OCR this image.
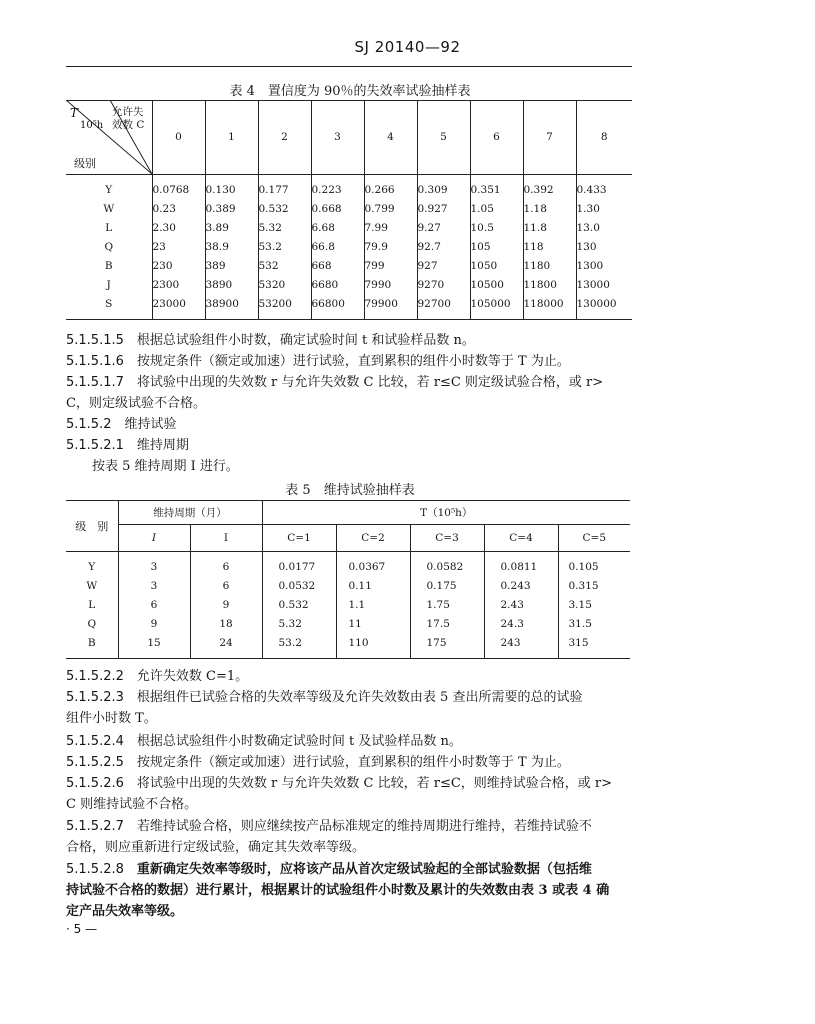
SJ 20140—92
表 4　置信度为 90％的失效率试验抽样表
T
10⁵h
允许失
效数 C
级别
	0	1	2	3	4	5	6	7	8

Y	0.0768	0.130	0.177	0.223	0.266	0.309	0.351	0.392	0.433
W	0.23	0.389	0.532	0.668	0.799	0.927	1.05	1.18	1.30
L	2.30	3.89	5.32	6.68	7.99	9.27	10.5	11.8	13.0
Q	23	38.9	53.2	66.8	79.9	92.7	105	118	130
B	230	389	532	668	799	927	1050	1180	1300
J	2300	3890	5320	6680	7990	9270	10500	11800	13000
S	23000	38900	53200	66800	79900	92700	105000	118000	130000

5.1.5.1.5　 根据总试验组件小时数，确定试验时间 t 和试验样品数 n。
5.1.5.1.6　 按规定条件（额定或加速）进行试验，直到累积的组件小时数等于 T 为止。
5.1.5.1.7　 将试验中出现的失效数 r 与允许失效数 C 比较，若 r≤C 则定级试验合格，或 r>
C，则定级试验不合格。
5.1.5.2　 维持试验
5.1.5.2.1　 维持周期
按表 5 维持周期 I 进行。
表 5　维持试验抽样表
级　别	维持周期（月）		T（10⁵h）				
	I	I	C=1	C=2	C=3	C=4	C=5

Y	3	6	0.0177	0.0367	0.0582	0.0811	0.105
W	3	6	0.0532	0.11	0.175	0.243	0.315
L	6	9	0.532	1.1	1.75	2.43	3.15
Q	9	18	5.32	11	17.5	24.3	31.5
B	15	24	53.2	110	175	243	315

5.1.5.2.2　 允许失效数 C=1。
5.1.5.2.3　 根据组件已试验合格的失效率等级及允许失效数由表 5 查出所需要的总的试验
组件小时数 T。
5.1.5.2.4　 根据总试验组件小时数确定试验时间 t 及试验样品数 n。
5.1.5.2.5　 按规定条件（额定或加速）进行试验，直到累积的组件小时数等于 T 为止。
5.1.5.2.6　 将试验中出现的失效数 r 与允许失效数 C 比较，若 r≤C，则维持试验合格，或 r>
C 则维持试验不合格。
5.1.5.2.7　 若维持试验合格，则应继续按产品标准规定的维持周期进行维持，若维持试验不
合格，则应重新进行定级试验，确定其失效率等级。
5.1.5.2.8　 重新确定失效率等级时，应将该产品从首次定级试验起的全部试验数据（包括维
持试验不合格的数据）进行累计，根据累计的试验组件小时数及累计的失效数由表 3 或表 4 确
定产品失效率等级。
· 5 —
